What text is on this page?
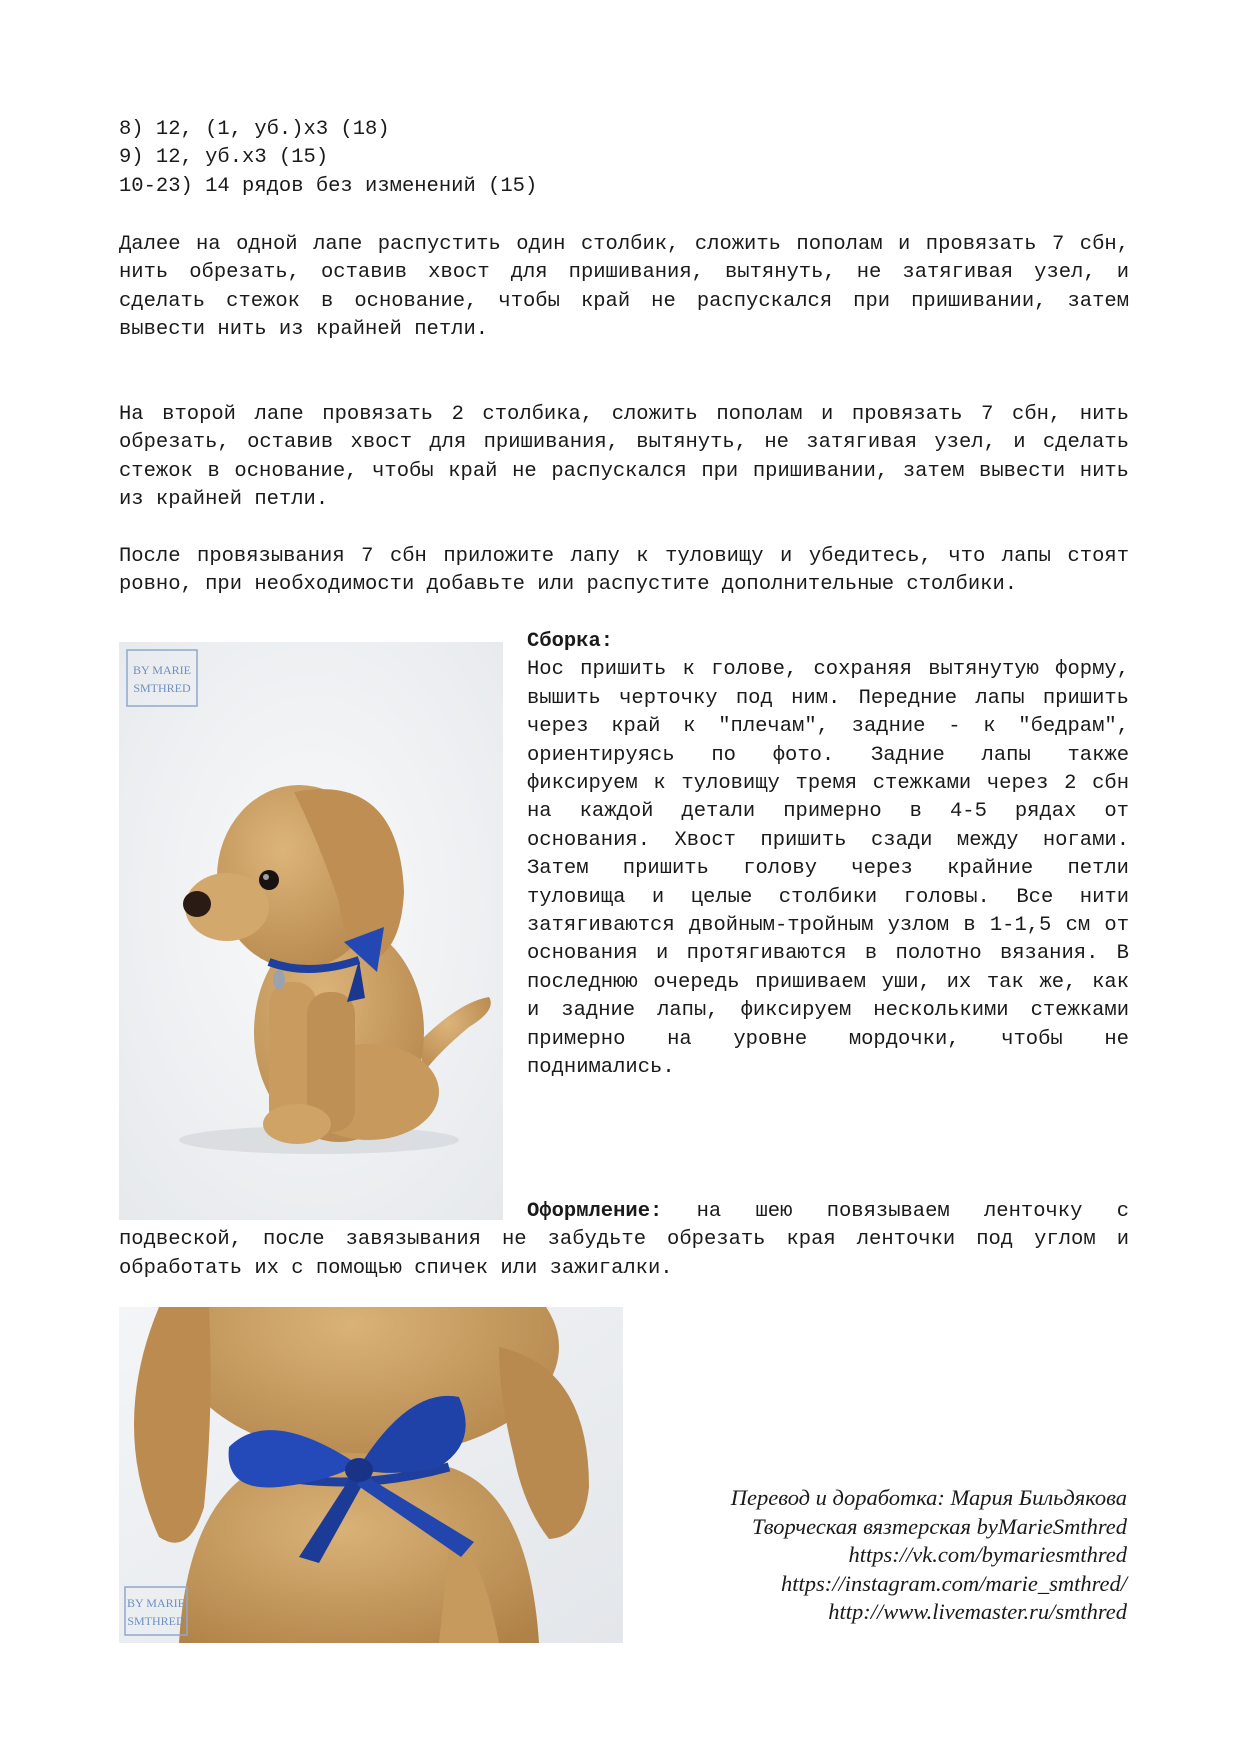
8) 12, (1, уб.)х3 (18)
9) 12, уб.х3 (15)
10-23) 14 рядов без изменений (15)

Далее на одной лапе распустить один столбик, сложить пополам и провязать 7 сбн, нить обрезать, оставив хвост для пришивания, вытянуть, не затягивая узел, и сделать стежок в основание, чтобы край не распускался при пришивании, затем вывести нить из крайней петли.

На второй лапе провязать 2 столбика, сложить пополам и провязать 7 сбн, нить обрезать, оставив хвост для пришивания, вытянуть, не затягивая узел, и сделать стежок в основание, чтобы край не распускался при пришивании, затем вывести нить из крайней петли.

После провязывания 7 сбн приложите лапу к туловищу и убедитесь, что лапы стоят ровно, при необходимости добавьте или распустите дополнительные столбики.

BY MARIE
SMTHRED
Сборка:
Нос пришить к голове, сохраняя вытянутую форму, вышить черточку под ним. Передние лапы пришить через край к "плечам", задние - к "бедрам", ориентируясь по фото. Задние лапы также фиксируем к туловищу тремя стежками через 2 сбн на каждой детали примерно в 4-5 рядах от основания. Хвост пришить сзади между ногами. Затем пришить голову через крайние петли туловища и целые столбики головы. Все нити затягиваются двойным-тройным узлом в 1-1,5 см от основания и протягиваются в полотно вязания. В последнюю очередь пришиваем уши, их так же, как и задние лапы, фиксируем несколькими стежками примерно на уровне мордочки, чтобы не поднимались.

Оформление: на шею повязываем ленточку с подвеской, после завязывания не забудьте обрезать края ленточки под углом и обработать их с помощью спичек или зажигалки.

BY MARIE
SMTHRED
Перевод и доработка: Мария Бильдякова
Творческая вязтерская byMarieSmthred
https://vk.com/bymariesmthred
https://instagram.com/marie_smthred/
http://www.livemaster.ru/smthred
